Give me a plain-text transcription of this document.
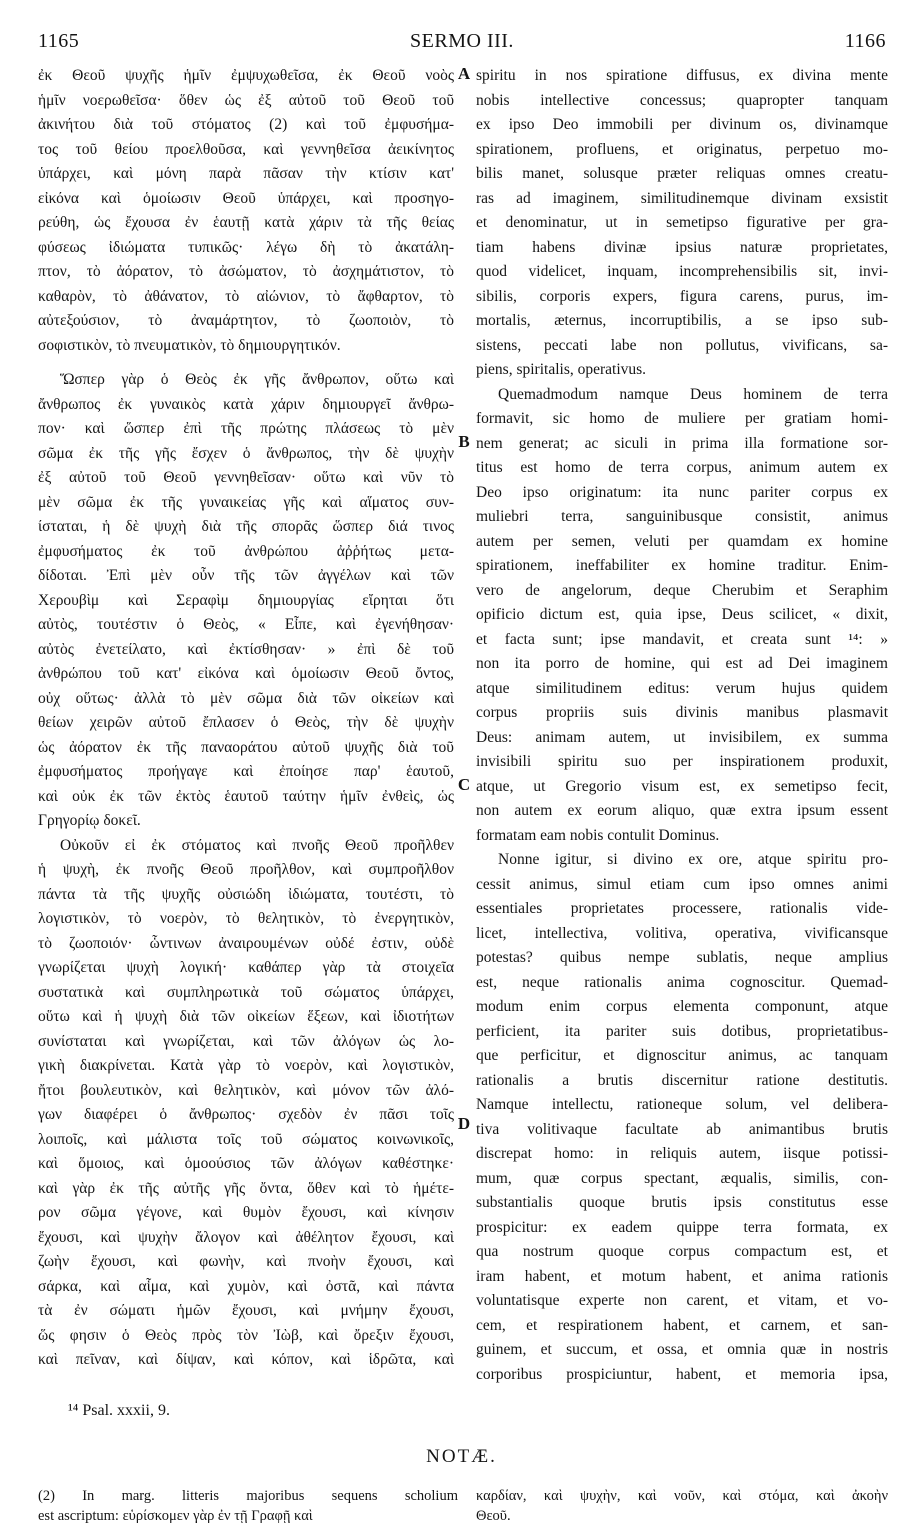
1165	SERMO III.	1166
ἐκ Θεοῦ ψυχῆς ἡμῖν ἐμψυχωθεῖσα, ἐκ Θεοῦ νοὸς
ἡμῖν νοερωθεῖσα· ὅθεν ὡς ἐξ αὐτοῦ τοῦ Θεοῦ τοῦ
ἀκινήτου διὰ τοῦ στόματος (2) καὶ τοῦ ἐμφυσήμα-
τος τοῦ θείου προελθοῦσα, καὶ γεννηθεῖσα ἀεικίνητος
ὑπάρχει, καὶ μόνη παρὰ πᾶσαν τὴν κτίσιν κατ'
εἰκόνα καὶ ὁμοίωσιν Θεοῦ ὑπάρχει, καὶ προσηγο-
ρεύθη, ὡς ἔχουσα ἐν ἑαυτῇ κατὰ χάριν τὰ τῆς θείας
φύσεως ἰδιώματα τυπικῶς· λέγω δὴ τὸ ἀκατάλη-
πτον, τὸ ἀόρατον, τὸ ἀσώματον, τὸ ἀσχημάτιστον, τὸ
καθαρὸν, τὸ ἀθάνατον, τὸ αἰώνιον, τὸ ἄφθαρτον, τὸ
αὐτεξούσιον, τὸ ἀναμάρτητον, τὸ ζωοποιὸν, τὸ
σοφιστικὸν, τὸ πνευματικὸν, τὸ δημιουργητικόν.
Ὥσπερ γὰρ ὁ Θεὸς ἐκ γῆς ἄνθρωπον, οὕτω καὶ
ἄνθρωπος ἐκ γυναικὸς κατὰ χάριν δημιουργεῖ ἄνθρω-
πον· καὶ ὥσπερ ἐπὶ τῆς πρώτης πλάσεως τὸ μὲν
σῶμα ἐκ τῆς γῆς ἔσχεν ὁ ἄνθρωπος, τὴν δὲ ψυχὴν
ἐξ αὐτοῦ τοῦ Θεοῦ γεννηθεῖσαν· οὕτω καὶ νῦν τὸ
μὲν σῶμα ἐκ τῆς γυναικείας γῆς καὶ αἵματος συν-
ίσταται, ἡ δὲ ψυχὴ διὰ τῆς σπορᾶς ὥσπερ διά τινος
ἐμφυσήματος ἐκ τοῦ ἀνθρώπου ἀῤῥήτως μετα-
δίδοται. Ἐπὶ μὲν οὖν τῆς τῶν ἀγγέλων καὶ τῶν
Χερουβὶμ καὶ Σεραφὶμ δημιουργίας εἴρηται ὅτι
αὐτὸς, τουτέστιν ὁ Θεὸς, « Εἶπε, καὶ ἐγενήθησαν·
αὐτὸς ἐνετείλατο, καὶ ἐκτίσθησαν· » ἐπὶ δὲ τοῦ
ἀνθρώπου τοῦ κατ' εἰκόνα καὶ ὁμοίωσιν Θεοῦ ὄντος,
οὐχ οὕτως· ἀλλὰ τὸ μὲν σῶμα διὰ τῶν οἰκείων καὶ
θείων χειρῶν αὐτοῦ ἔπλασεν ὁ Θεὸς, τὴν δὲ ψυχὴν
ὡς ἀόρατον ἐκ τῆς παναοράτου αὐτοῦ ψυχῆς διὰ τοῦ
ἐμφυσήματος προήγαγε καὶ ἐποίησε παρ' ἑαυτοῦ,
καὶ οὐκ ἐκ τῶν ἐκτὸς ἑαυτοῦ ταύτην ἡμῖν ἐνθεὶς, ὡς
Γρηγορίῳ δοκεῖ.
Οὐκοῦν εἰ ἐκ στόματος καὶ πνοῆς Θεοῦ προῆλθεν
ἡ ψυχὴ, ἐκ πνοῆς Θεοῦ προῆλθον, καὶ συμπροῆλθον
πάντα τὰ τῆς ψυχῆς οὐσιώδη ἰδιώματα, τουτέστι, τὸ
λογιστικὸν, τὸ νοερὸν, τὸ θελητικὸν, τὸ ἐνεργητικὸν,
τὸ ζωοποιόν· ὧντινων ἀναιρουμένων οὐδέ ἐστιν, οὐδὲ
γνωρίζεται ψυχὴ λογική· καθάπερ γὰρ τὰ στοιχεῖα
συστατικὰ καὶ συμπληρωτικὰ τοῦ σώματος ὑπάρχει,
οὕτω καὶ ἡ ψυχὴ διὰ τῶν οἰκείων ἕξεων, καὶ ἰδιοτήτων
συνίσταται καὶ γνωρίζεται, καὶ τῶν ἀλόγων ὡς λο-
γικὴ διακρίνεται. Κατὰ γὰρ τὸ νοερὸν, καὶ λογιστικὸν,
ἤτοι βουλευτικὸν, καὶ θελητικὸν, καὶ μόνον τῶν ἀλό-
γων διαφέρει ὁ ἄνθρωπος· σχεδὸν ἐν πᾶσι τοῖς
λοιποῖς, καὶ μάλιστα τοῖς τοῦ σώματος κοινωνικοῖς,
καὶ ὅμοιος, καὶ ὁμοούσιος τῶν ἀλόγων καθέστηκε·
καὶ γὰρ ἐκ τῆς αὐτῆς γῆς ὄντα, ὅθεν καὶ τὸ ἡμέτε-
ρον σῶμα γέγονε, καὶ θυμὸν ἔχουσι, καὶ κίνησιν
ἔχουσι, καὶ ψυχὴν ἄλογον καὶ ἀθέλητον ἔχουσι, καὶ
ζωὴν ἔχουσι, καὶ φωνὴν, καὶ πνοὴν ἔχουσι, καὶ
σάρκα, καὶ αἷμα, καὶ χυμὸν, καὶ ὀστᾶ, καὶ πάντα
τὰ ἐν σώματι ἡμῶν ἔχουσι, καὶ μνήμην ἔχουσι,
ὥς φησιν ὁ Θεὸς πρὸς τὸν Ἰὼβ, καὶ ὄρεξιν ἔχουσι,
καὶ πεῖναν, καὶ δίψαν, καὶ κόπον, καὶ ἱδρῶτα, καὶ
A
B
C
D
spiritu in nos spiratione diffusus, ex divina mente
nobis intellective concessus; quapropter tanquam
ex ipso Deo immobili per divinum os, divinamque
spirationem, profluens, et originatus, perpetuo mo-
bilis manet, solusque præter reliquas omnes creatu-
ras ad imaginem, similitudinemque divinam exsistit
et denominatur, ut in semetipso figurative per gra-
tiam habens divinæ ipsius naturæ proprietates,
quod videlicet, inquam, incomprehensibilis sit, invi-
sibilis, corporis expers, figura carens, purus, im-
mortalis, æternus, incorruptibilis, a se ipso sub-
sistens, peccati labe non pollutus, vivificans, sa-
piens, spiritalis, operativus.
Quemadmodum namque Deus hominem de terra
formavit, sic homo de muliere per gratiam homi-
nem generat; ac siculi in prima illa formatione sor-
titus est homo de terra corpus, animum autem ex
Deo ipso originatum: ita nunc pariter corpus ex
muliebri terra, sanguinibusque consistit, animus
autem per semen, veluti per quamdam ex homine
spirationem, ineffabiliter ex homine traditur. Enim-
vero de angelorum, deque Cherubim et Seraphim
opificio dictum est, quia ipse, Deus scilicet, « dixit,
et facta sunt; ipse mandavit, et creata sunt ¹⁴: »
non ita porro de homine, qui est ad Dei imaginem
atque similitudinem editus: verum hujus quidem
corpus propriis suis divinis manibus plasmavit
Deus: animam autem, ut invisibilem, ex summa
invisibili spiritu suo per inspirationem produxit,
atque, ut Gregorio visum est, ex semetipso fecit,
non autem ex eorum aliquo, quæ extra ipsum essent
formatam eam nobis contulit Dominus.
Nonne igitur, si divino ex ore, atque spiritu pro-
cessit animus, simul etiam cum ipso omnes animi
essentiales proprietates processere, rationalis vide-
licet, intellectiva, volitiva, operativa, vivificansque
potestas? quibus nempe sublatis, neque amplius
est, neque rationalis anima cognoscitur. Quemad-
modum enim corpus elementa componunt, atque
perficient, ita pariter suis dotibus, proprietatibus-
que perficitur, et dignoscitur animus, ac tanquam
rationalis a brutis discernitur ratione destitutis.
Namque intellectu, rationeque solum, vel delibera-
tiva volitivaque facultate ab animantibus brutis
discrepat homo: in reliquis autem, iisque potissi-
mum, quæ corpus spectant, æqualis, similis, con-
substantialis quoque brutis ipsis constitutus esse
prospicitur: ex eadem quippe terra formata, ex
qua nostrum quoque corpus compactum est, et
iram habent, et motum habent, et anima rationis
voluntatisque experte non carent, et vitam, et vo-
cem, et respirationem habent, et carnem, et san-
guinem, et succum, et ossa, et omnia quæ in nostris
corporibus prospiciuntur, habent, et memoria ipsa,
¹⁴ Psal. xxxii, 9.
NOTÆ.
(2) In marg. litteris majoribus sequens scholium
est ascriptum: εὑρίσκομεν γὰρ ἐν τῇ Γραφῇ καὶ
καρδίαν, καὶ ψυχὴν, καὶ νοῦν, καὶ στόμα, καὶ ἀκοὴν
Θεοῦ.
